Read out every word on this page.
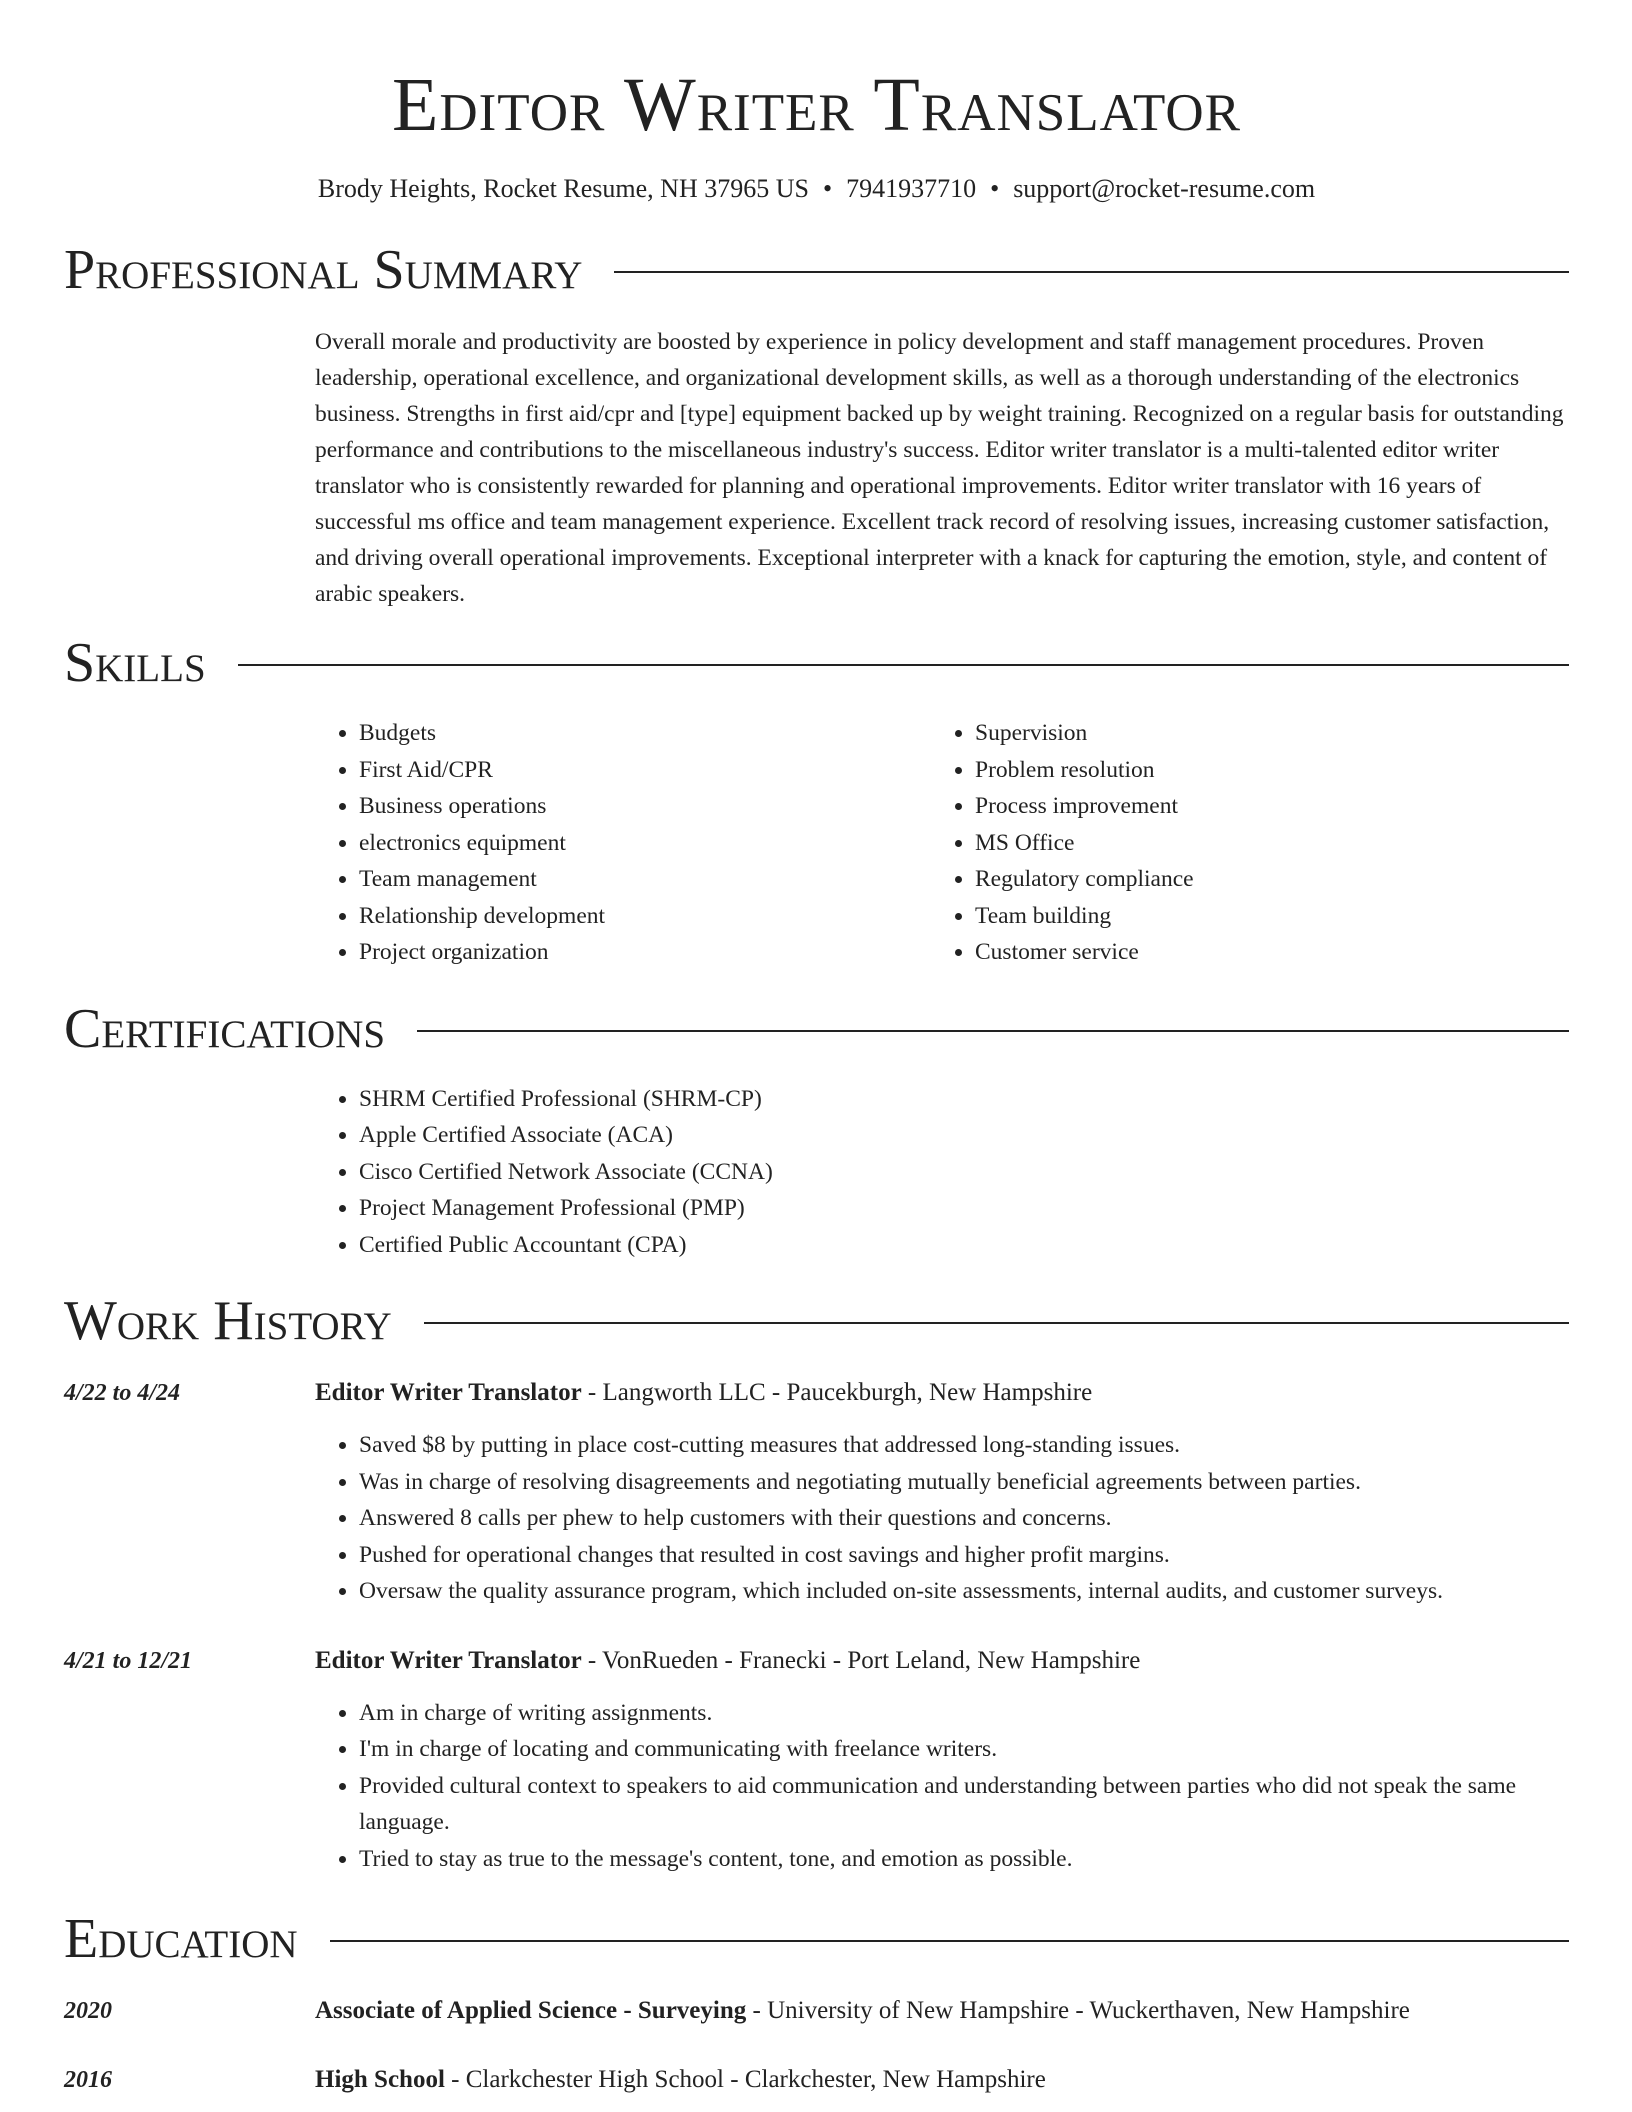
Editor Writer Translator
Brody Heights, Rocket Resume, NH 37965 US • 7941937710 • support@rocket-resume.com
Professional Summary
Overall morale and productivity are boosted by experience in policy development and staff management procedures. Proven leadership, operational excellence, and organizational development skills, as well as a thorough understanding of the electronics business. Strengths in first aid/cpr and [type] equipment backed up by weight training. Recognized on a regular basis for outstanding performance and contributions to the miscellaneous industry's success. Editor writer translator is a multi-talented editor writer translator who is consistently rewarded for planning and operational improvements. Editor writer translator with 16 years of successful ms office and team management experience. Excellent track record of resolving issues, increasing customer satisfaction, and driving overall operational improvements. Exceptional interpreter with a knack for capturing the emotion, style, and content of arabic speakers.
Skills
• Budgets
• First Aid/CPR
• Business operations
• electronics equipment
• Team management
• Relationship development
• Project organization
• Supervision
• Problem resolution
• Process improvement
• MS Office
• Regulatory compliance
• Team building
• Customer service
Certifications
• SHRM Certified Professional (SHRM-CP)
• Apple Certified Associate (ACA)
• Cisco Certified Network Associate (CCNA)
• Project Management Professional (PMP)
• Certified Public Accountant (CPA)
Work History
4/22 to 4/24	Editor Writer Translator - Langworth LLC - Paucekburgh, New Hampshire
• Saved $8 by putting in place cost-cutting measures that addressed long-standing issues.
• Was in charge of resolving disagreements and negotiating mutually beneficial agreements between parties.
• Answered 8 calls per phew to help customers with their questions and concerns.
• Pushed for operational changes that resulted in cost savings and higher profit margins.
• Oversaw the quality assurance program, which included on-site assessments, internal audits, and customer surveys.
4/21 to 12/21	Editor Writer Translator - VonRueden - Franecki - Port Leland, New Hampshire
• Am in charge of writing assignments.
• I'm in charge of locating and communicating with freelance writers.
• Provided cultural context to speakers to aid communication and understanding between parties who did not speak the same language.
• Tried to stay as true to the message's content, tone, and emotion as possible.
Education
2020	Associate of Applied Science - Surveying - University of New Hampshire - Wuckerthaven, New Hampshire
2016	High School - Clarkchester High School - Clarkchester, New Hampshire
